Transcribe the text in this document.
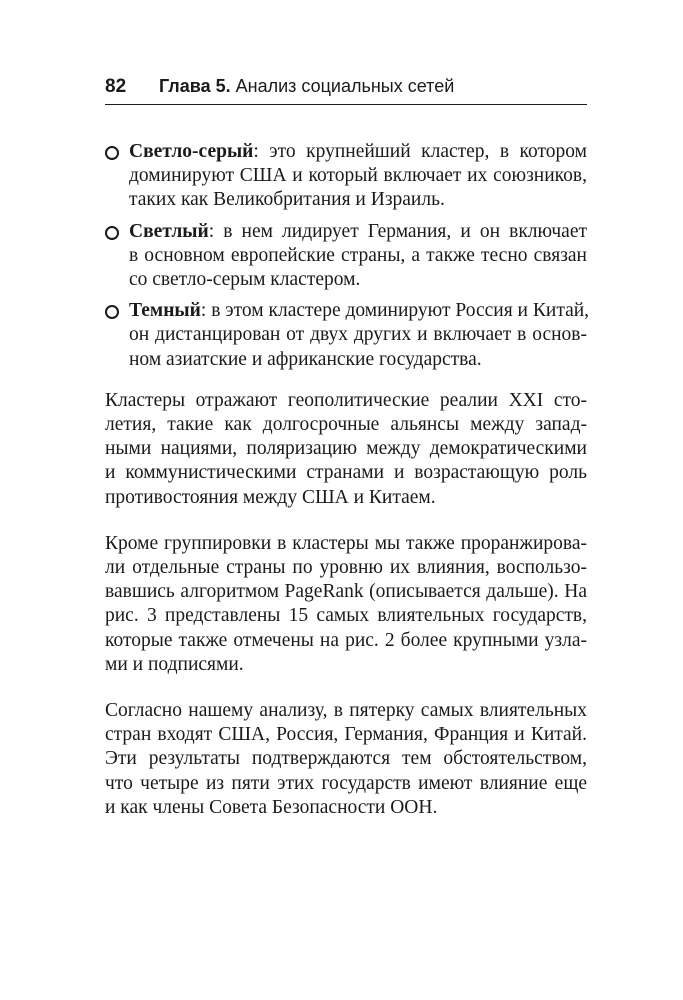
82 Глава 5. Анализ социальных сетей
Светло-серый: это крупнейший кластер, в котором
доминируют США и который включает их союзников,
таких как Великобритания и Израиль.
Светлый: в нем лидирует Германия, и он включает
в основном европейские страны, а также тесно связан
со светло-серым кластером.
Темный: в этом кластере доминируют Россия и Китай,
он дистанцирован от двух других и включает в основ-
ном азиатские и африканские государства.
Кластеры отражают геополитические реалии XXI сто-
летия, такие как долгосрочные альянсы между запад-
ными нациями, поляризацию между демократическими
и коммунистическими странами и возрастающую роль
противостояния между США и Китаем.
Кроме группировки в кластеры мы также проранжирова-
ли отдельные страны по уровню их влияния, воспользо-
вавшись алгоритмом PageRank (описывается дальше). На
рис. 3 представлены 15 самых влиятельных государств,
которые также отмечены на рис. 2 более крупными узла-
ми и подписями.
Согласно нашему анализу, в пятерку самых влиятельных
стран входят США, Россия, Германия, Франция и Китай.
Эти результаты подтверждаются тем обстоятельством,
что четыре из пяти этих государств имеют влияние еще
и как члены Совета Безопасности ООН.
